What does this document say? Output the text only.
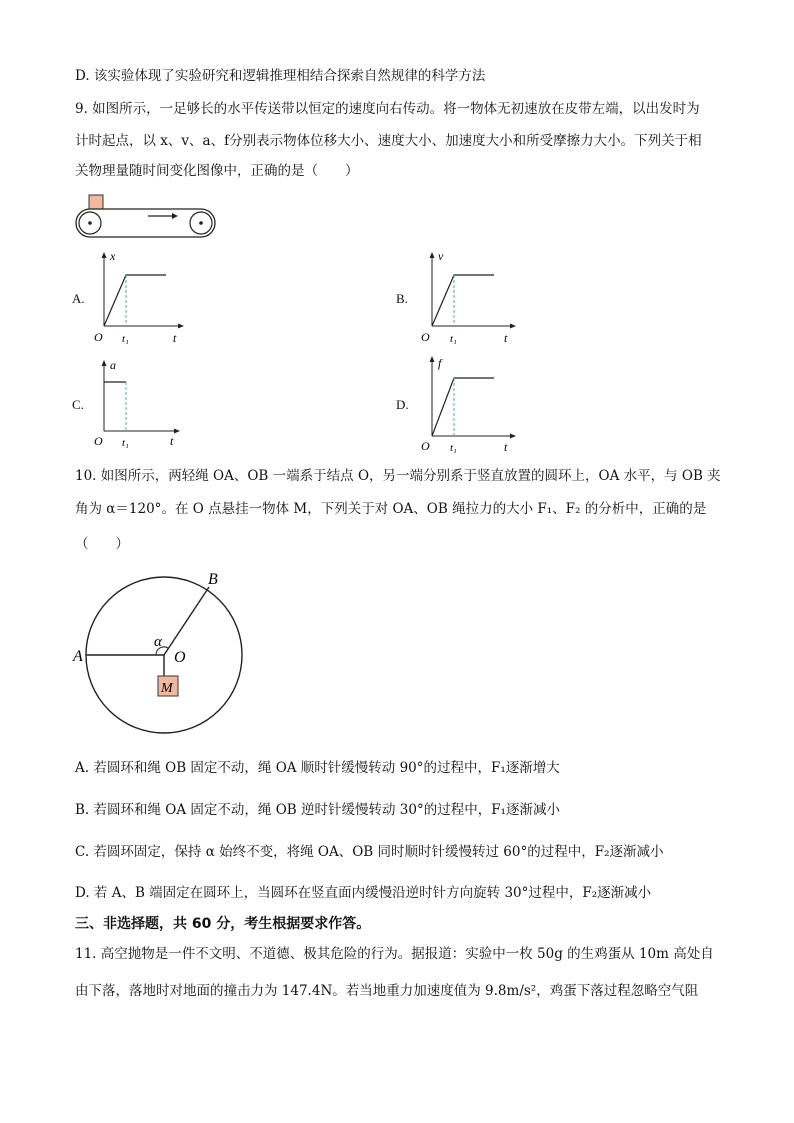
D. 该实验体现了实验研究和逻辑推理相结合探索自然规律的科学方法
9. 如图所示，一足够长的水平传送带以恒定的速度向右传动。将一物体无初速放在皮带左端，以出发时为
计时起点，以 x、v、a、f分别表示物体位移大小、速度大小、加速度大小和所受摩擦力大小。下列关于相
关物理量随时间变化图像中，正确的是（　　）
A.
x
O t₁	t
B.
v
O t₁	t
C.
a
O t₁	t
D.
f
O t₁	t
10. 如图所示，两轻绳 OA、OB 一端系于结点 O，另一端分别系于竖直放置的圆环上，OA 水平，与 OB 夹
角为 α＝120°。在 O 点悬挂一物体 M，下列关于对 OA、OB 绳拉力的大小 F₁、F₂ 的分析中，正确的是
（　　）
A
B
O
α
M
A. 若圆环和绳 OB 固定不动，绳 OA 顺时针缓慢转动 90°的过程中，F₁逐渐增大
B. 若圆环和绳 OA 固定不动，绳 OB 逆时针缓慢转动 30°的过程中，F₁逐渐减小
C. 若圆环固定，保持 α 始终不变，将绳 OA、OB 同时顺时针缓慢转过 60°的过程中，F₂逐渐减小
D. 若 A、B 端固定在圆环上，当圆环在竖直面内缓慢沿逆时针方向旋转 30°过程中，F₂逐渐减小
三、非选择题，共 60 分，考生根据要求作答。
11. 高空抛物是一件不文明、不道德、极其危险的行为。据报道：实验中一枚 50g 的生鸡蛋从 10m 高处自
由下落，落地时对地面的撞击力为 147.4N。若当地重力加速度值为 9.8m/s²，鸡蛋下落过程忽略空气阻
